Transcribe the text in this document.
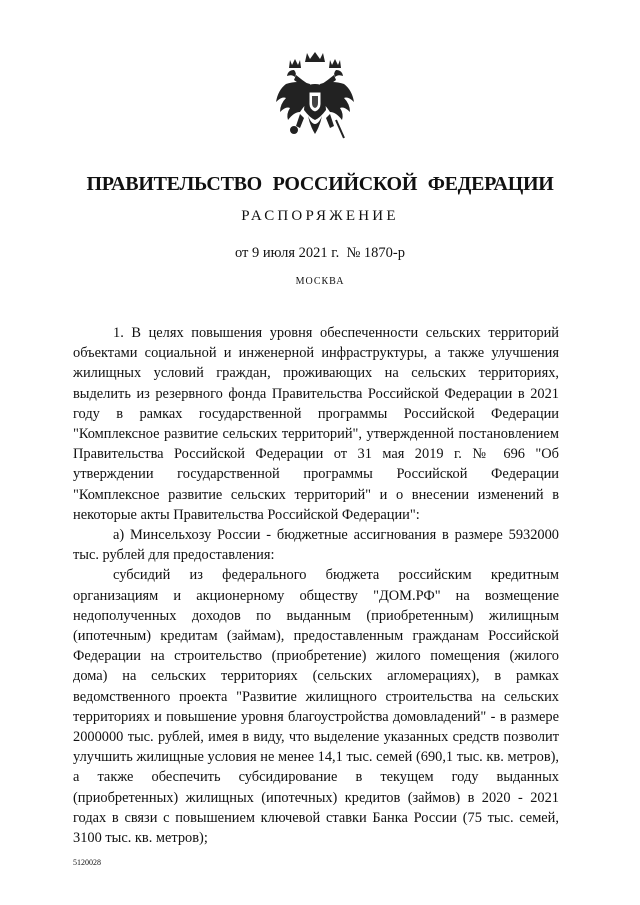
ПРАВИТЕЛЬСТВО РОССИЙСКОЙ ФЕДЕРАЦИИ
РАСПОРЯЖЕНИЕ
от 9 июля 2021 г.  № 1870-р
МОСКВА

1. В целях повышения уровня обеспеченности сельских территорий объектами социальной и инженерной инфраструктуры, а также улучшения жилищных условий граждан, проживающих на сельских территориях, выделить из резервного фонда Правительства Российской Федерации в 2021 году в рамках государственной программы Российской Федерации "Комплексное развитие сельских территорий", утвержденной постановлением Правительства Российской Федерации от 31 мая 2019 г. № 696 "Об утверждении государственной программы Российской Федерации "Комплексное развитие сельских территорий" и о внесении изменений в некоторые акты Правительства Российской Федерации":

а) Минсельхозу России - бюджетные ассигнования в размере 5932000 тыс. рублей для предоставления:

субсидий из федерального бюджета российским кредитным организациям и акционерному обществу "ДОМ.РФ" на возмещение недополученных доходов по выданным (приобретенным) жилищным (ипотечным) кредитам (займам), предоставленным гражданам Российской Федерации на строительство (приобретение) жилого помещения (жилого дома) на сельских территориях (сельских агломерациях), в рамках ведомственного проекта "Развитие жилищного строительства на сельских территориях и повышение уровня благоустройства домовладений" - в размере 2000000 тыс. рублей, имея в виду, что выделение указанных средств позволит улучшить жилищные условия не менее 14,1 тыс. семей (690,1 тыс. кв. метров), а также обеспечить субсидирование в текущем году выданных (приобретенных) жилищных (ипотечных) кредитов (займов) в 2020 - 2021 годах в связи с повышением ключевой ставки Банка России (75 тыс. семей, 3100 тыс. кв. метров);

5120028
